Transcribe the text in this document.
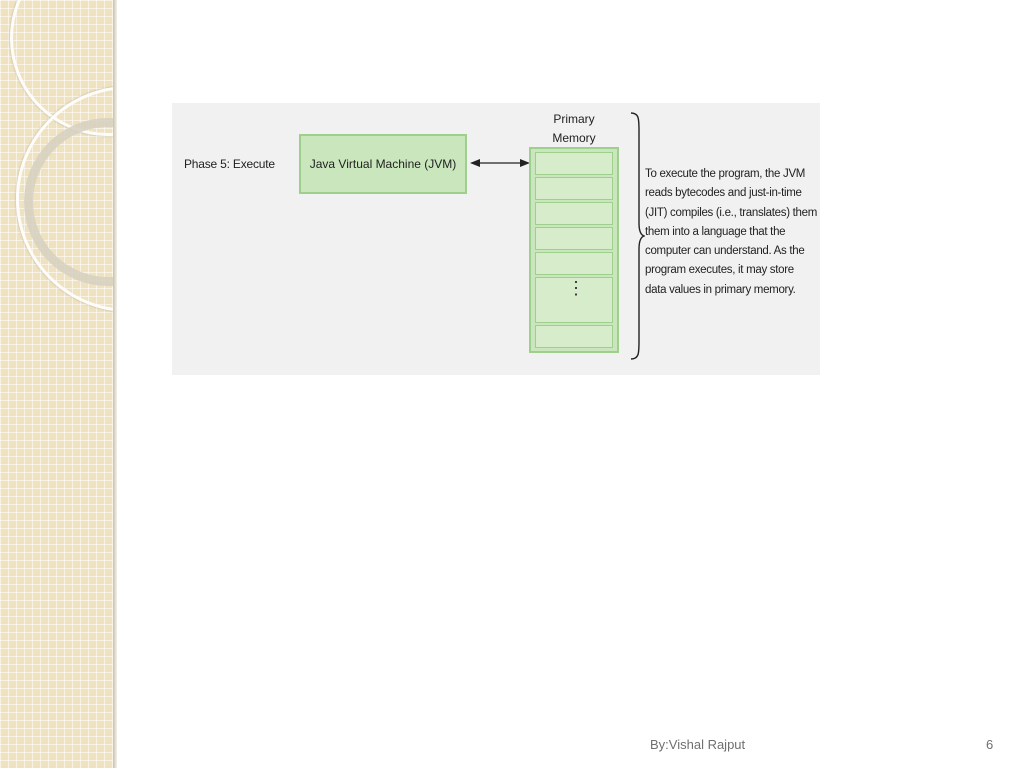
Phase 5: Execute	Java Virtual Machine (JVM)
Primary Memory
⋮
To execute the program, the JVM reads bytecodes and just-in-time (JIT) compiles (i.e., translates) them them into a language that the computer can understand. As the program executes, it may store data values in primary memory.
By:Vishal Rajput	6
